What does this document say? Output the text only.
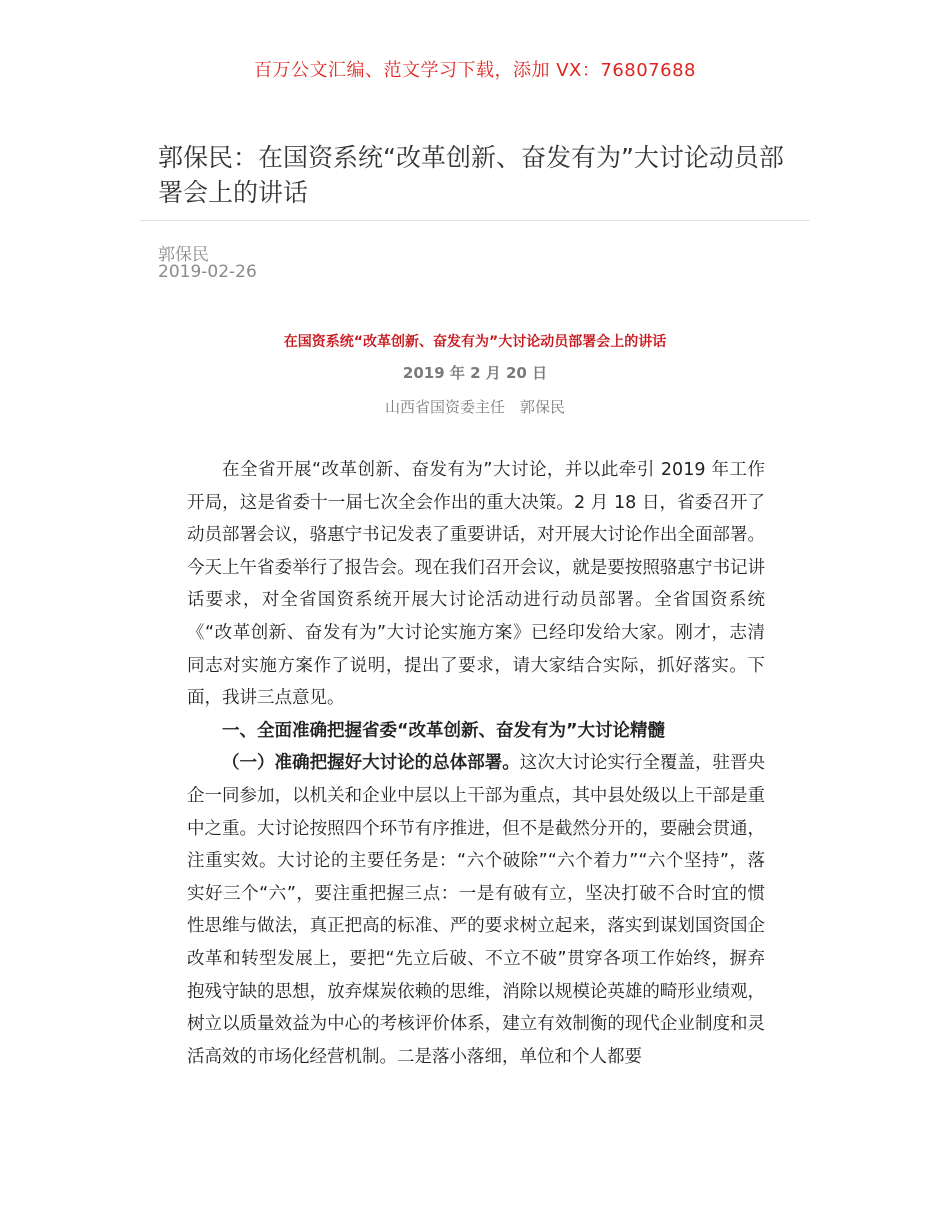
百万公文汇编、范文学习下载，添加 VX：76807688
郭保民：在国资系统“改革创新、奋发有为”大讨论动员部署会上的讲话
郭保民
2019-02-26
在国资系统“改革创新、奋发有为”大讨论动员部署会上的讲话
2019 年 2 月 20 日
山西省国资委主任　郭保民

在全省开展“改革创新、奋发有为”大讨论，并以此牵引 2019 年工作开局，这是省委十一届七次全会作出的重大决策。2 月 18 日，省委召开了动员部署会议，骆惠宁书记发表了重要讲话，对开展大讨论作出全面部署。今天上午省委举行了报告会。现在我们召开会议，就是要按照骆惠宁书记讲话要求，对全省国资系统开展大讨论活动进行动员部署。全省国资系统《“改革创新、奋发有为”大讨论实施方案》已经印发给大家。刚才，志清同志对实施方案作了说明，提出了要求，请大家结合实际，抓好落实。下面，我讲三点意见。

一、全面准确把握省委“改革创新、奋发有为”大讨论精髓

（一）准确把握好大讨论的总体部署。这次大讨论实行全覆盖，驻晋央企一同参加，以机关和企业中层以上干部为重点，其中县处级以上干部是重中之重。大讨论按照四个环节有序推进，但不是截然分开的，要融会贯通，注重实效。大讨论的主要任务是：“六个破除”“六个着力”“六个坚持”，落实好三个“六”，要注重把握三点：一是有破有立，坚决打破不合时宜的惯性思维与做法，真正把高的标准、严的要求树立起来，落实到谋划国资国企改革和转型发展上，要把“先立后破、不立不破”贯穿各项工作始终，摒弃抱残守缺的思想，放弃煤炭依赖的思维，消除以规模论英雄的畸形业绩观，树立以质量效益为中心的考核评价体系，建立有效制衡的现代企业制度和灵活高效的市场化经营机制。二是落小落细，单位和个人都要
